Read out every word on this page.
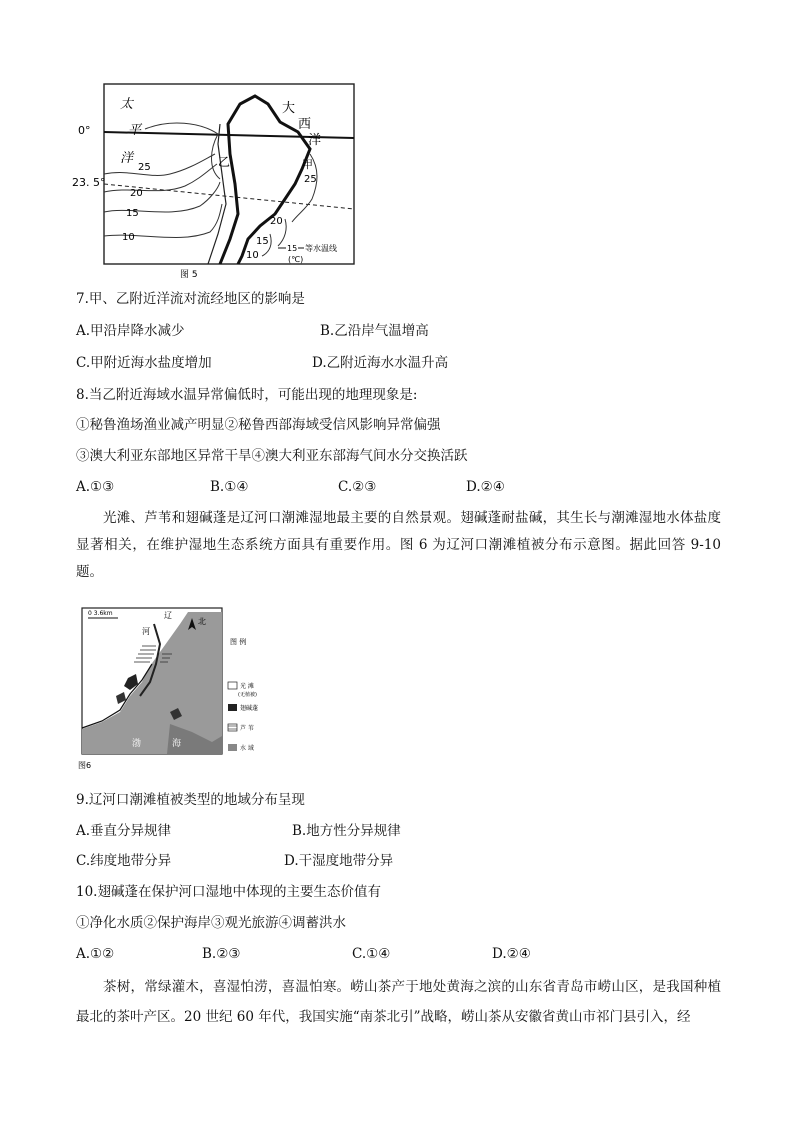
0°
23. 5°
太
平
洋
大
西
洋
乙	甲
25
20
15
10
25
20
15
10
15 等水温线
(℃)
图 5
7.甲、乙附近洋流对流经地区的影响是
A.甲沿岸降水减少	B.乙沿岸气温增高
C.甲附近海水盐度增加	D.乙附近海水水温升高
8.当乙附近海域水温异常偏低时，可能出现的地理现象是:
①秘鲁渔场渔业减产明显②秘鲁西部海域受信风影响异常偏强
③澳大利亚东部地区异常干旱④澳大利亚东部海气间水分交换活跃
A.①③	B.①④	C.②③	D.②④
光滩、芦苇和翅碱蓬是辽河口潮滩湿地最主要的自然景观。翅碱蓬耐盐碱，其生长与潮滩湿地水体盐度显著相关，在维护湿地生态系统方面具有重要作用。图 6 为辽河口潮滩植被分布示意图。据此回答 9-10 题。
0 3.6km
北
辽
河
渤	海
图 例
光 滩
(无植被)
翅碱蓬
芦 苇
水 域
图6
9.辽河口潮滩植被类型的地域分布呈现
A.垂直分异规律	B.地方性分异规律
C.纬度地带分异	D.干湿度地带分异
10.翅碱蓬在保护河口湿地中体现的主要生态价值有
①净化水质②保护海岸③观光旅游④调蓄洪水
A.①②	B.②③	C.①④	D.②④
茶树，常绿灌木，喜湿怕涝，喜温怕寒。崂山茶产于地处黄海之滨的山东省青岛市崂山区，是我国种植最北的茶叶产区。20 世纪 60 年代，我国实施“南茶北引”战略，崂山茶从安徽省黄山市祁门县引入，经
